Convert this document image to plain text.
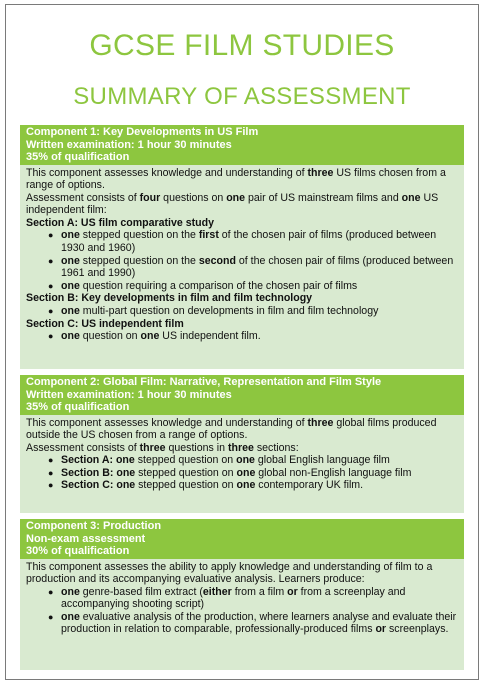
GCSE FILM STUDIES
SUMMARY OF ASSESSMENT
Component 1: Key Developments in US Film
Written examination: 1 hour 30 minutes
35% of qualification

This component assesses knowledge and understanding of three US films chosen from a range of options.

Assessment consists of four questions on one pair of US mainstream films and one US independent film:

Section A: US film comparative study
● one stepped question on the first of the chosen pair of films (produced between 1930 and 1960)
● one stepped question on the second of the chosen pair of films (produced between 1961 and 1990)
● one question requiring a comparison of the chosen pair of films
Section B: Key developments in film and film technology
● one multi-part question on developments in film and film technology
Section C: US independent film
● one question on one US independent film.
Component 2: Global Film: Narrative, Representation and Film Style
Written examination: 1 hour 30 minutes
35% of qualification

This component assesses knowledge and understanding of three global films produced outside the US chosen from a range of options.

Assessment consists of three questions in three sections:

● Section A: one stepped question on one global English language film
● Section B: one stepped question on one global non-English language film
● Section C: one stepped question on one contemporary UK film.
Component 3: Production
Non-exam assessment
30% of qualification

This component assesses the ability to apply knowledge and understanding of film to a production and its accompanying evaluative analysis. Learners produce:

● one genre-based film extract (either from a film or from a screenplay and accompanying shooting script)
● one evaluative analysis of the production, where learners analyse and evaluate their production in relation to comparable, professionally-produced films or screenplays.
